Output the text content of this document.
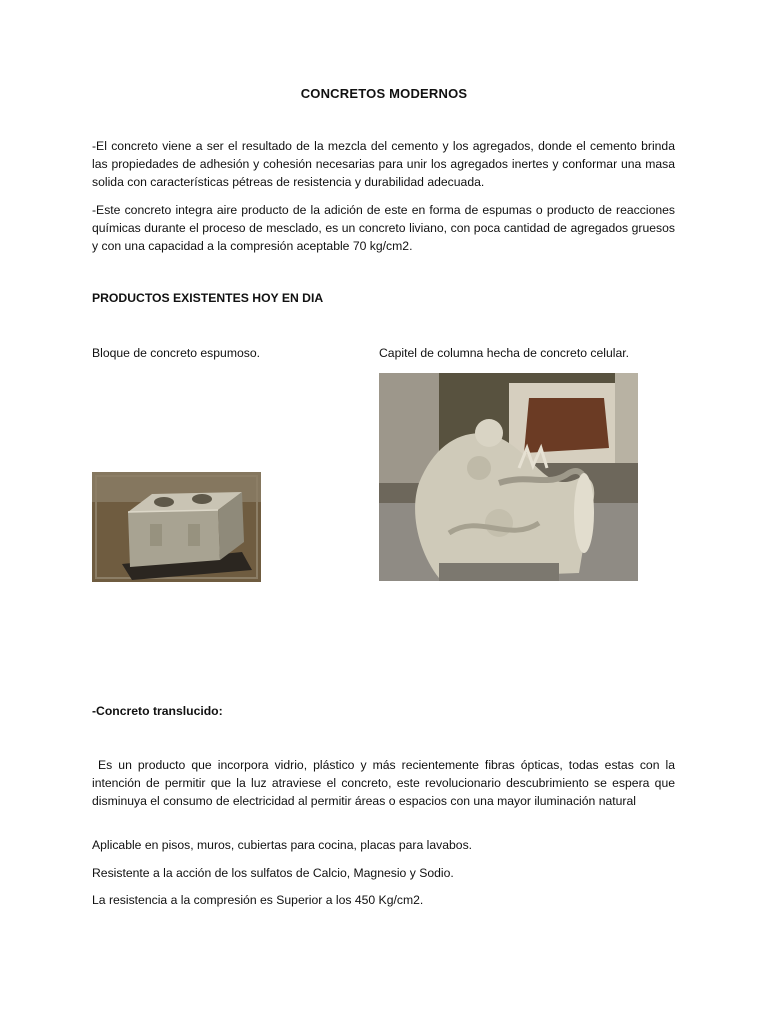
CONCRETOS MODERNOS

-El concreto viene a ser el resultado de la mezcla del cemento y los agregados, donde el cemento brinda las propiedades de adhesión y cohesión necesarias para unir los agregados inertes y conformar una masa solida con características pétreas de resistencia y durabilidad adecuada.

-Este concreto integra aire producto de la adición de este en forma de espumas o producto de reacciones químicas durante el proceso de mesclado, es un concreto liviano, con poca cantidad de agregados gruesos y con una capacidad a la compresión aceptable 70 kg/cm2.

PRODUCTOS EXISTENTES HOY EN DIA
Bloque de concreto espumoso.	Capitel de columna hecha de concreto celular.
-Concreto translucido:

Es un producto que incorpora vidrio, plástico y más recientemente fibras ópticas, todas estas con la intención de permitir que la luz atraviese el concreto, este revolucionario descubrimiento se espera que disminuya el consumo de electricidad al permitir áreas o espacios con una mayor iluminación natural

Aplicable en pisos, muros, cubiertas para cocina, placas para lavabos.

Resistente a la acción de los sulfatos de Calcio, Magnesio y Sodio.

La resistencia a la compresión es Superior a los 450 Kg/cm2.
